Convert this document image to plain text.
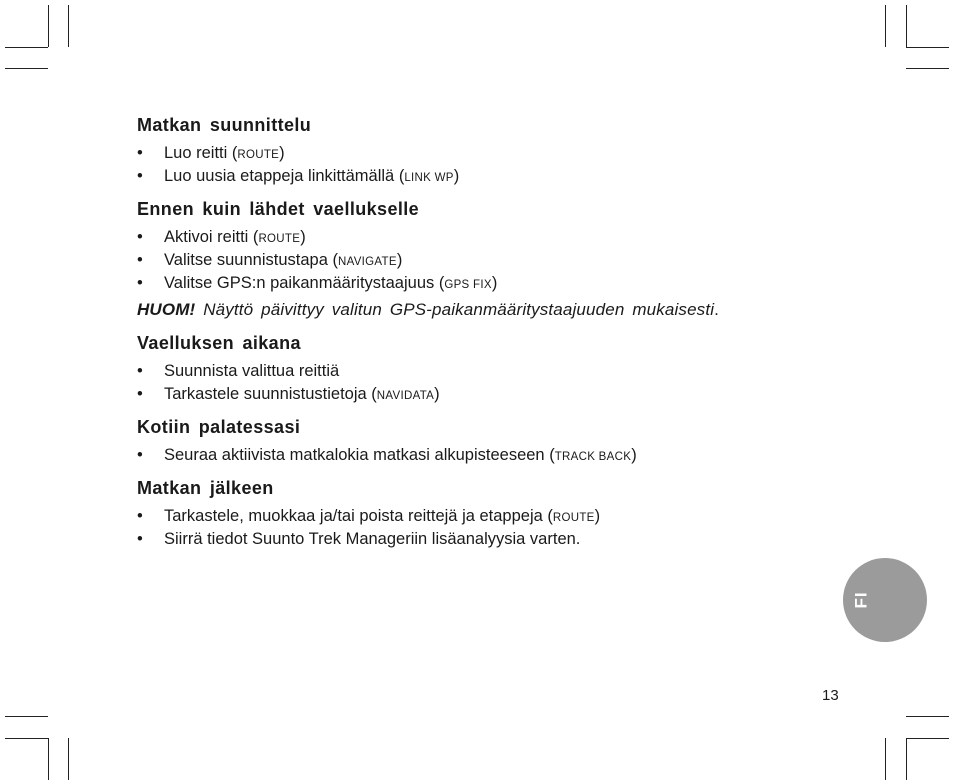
Matkan suunnittelu
• Luo reitti (ROUTE)
• Luo uusia etappeja linkittämällä (LINK WP)
Ennen kuin lähdet vaellukselle
• Aktivoi reitti (ROUTE)
• Valitse suunnistustapa (NAVIGATE)
• Valitse GPS:n paikanmääritystaajuus (GPS FIX)

HUOM! Näyttö päivittyy valitun GPS-paikanmääritystaajuuden mukaisesti.

Vaelluksen aikana
• Suunnista valittua reittiä
• Tarkastele suunnistustietoja (NAVIDATA)
Kotiin palatessasi
• Seuraa aktiivista matkalokia matkasi alkupisteeseen (TRACK BACK)
Matkan jälkeen
• Tarkastele, muokkaa ja/tai poista reittejä ja etappeja (ROUTE)
• Siirrä tiedot Suunto Trek Manageriin lisäanalyysia varten.
FI
13
